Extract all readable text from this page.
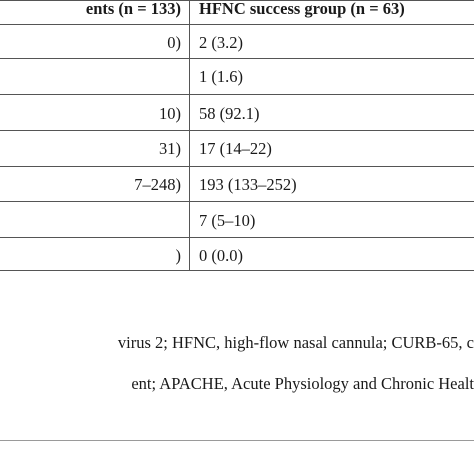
ents (n = 133) HFNC success group (n = 63)
0) 2 (3.2)
1 (1.6)
10) 58 (92.1)
31) 17 (14–22)
7–248) 193 (133–252)
7 (5–10)
) 0 (0.0)
virus 2; HFNC, high-flow nasal cannula; CURB-65, c
ent; APACHE, Acute Physiology and Chronic Healt
